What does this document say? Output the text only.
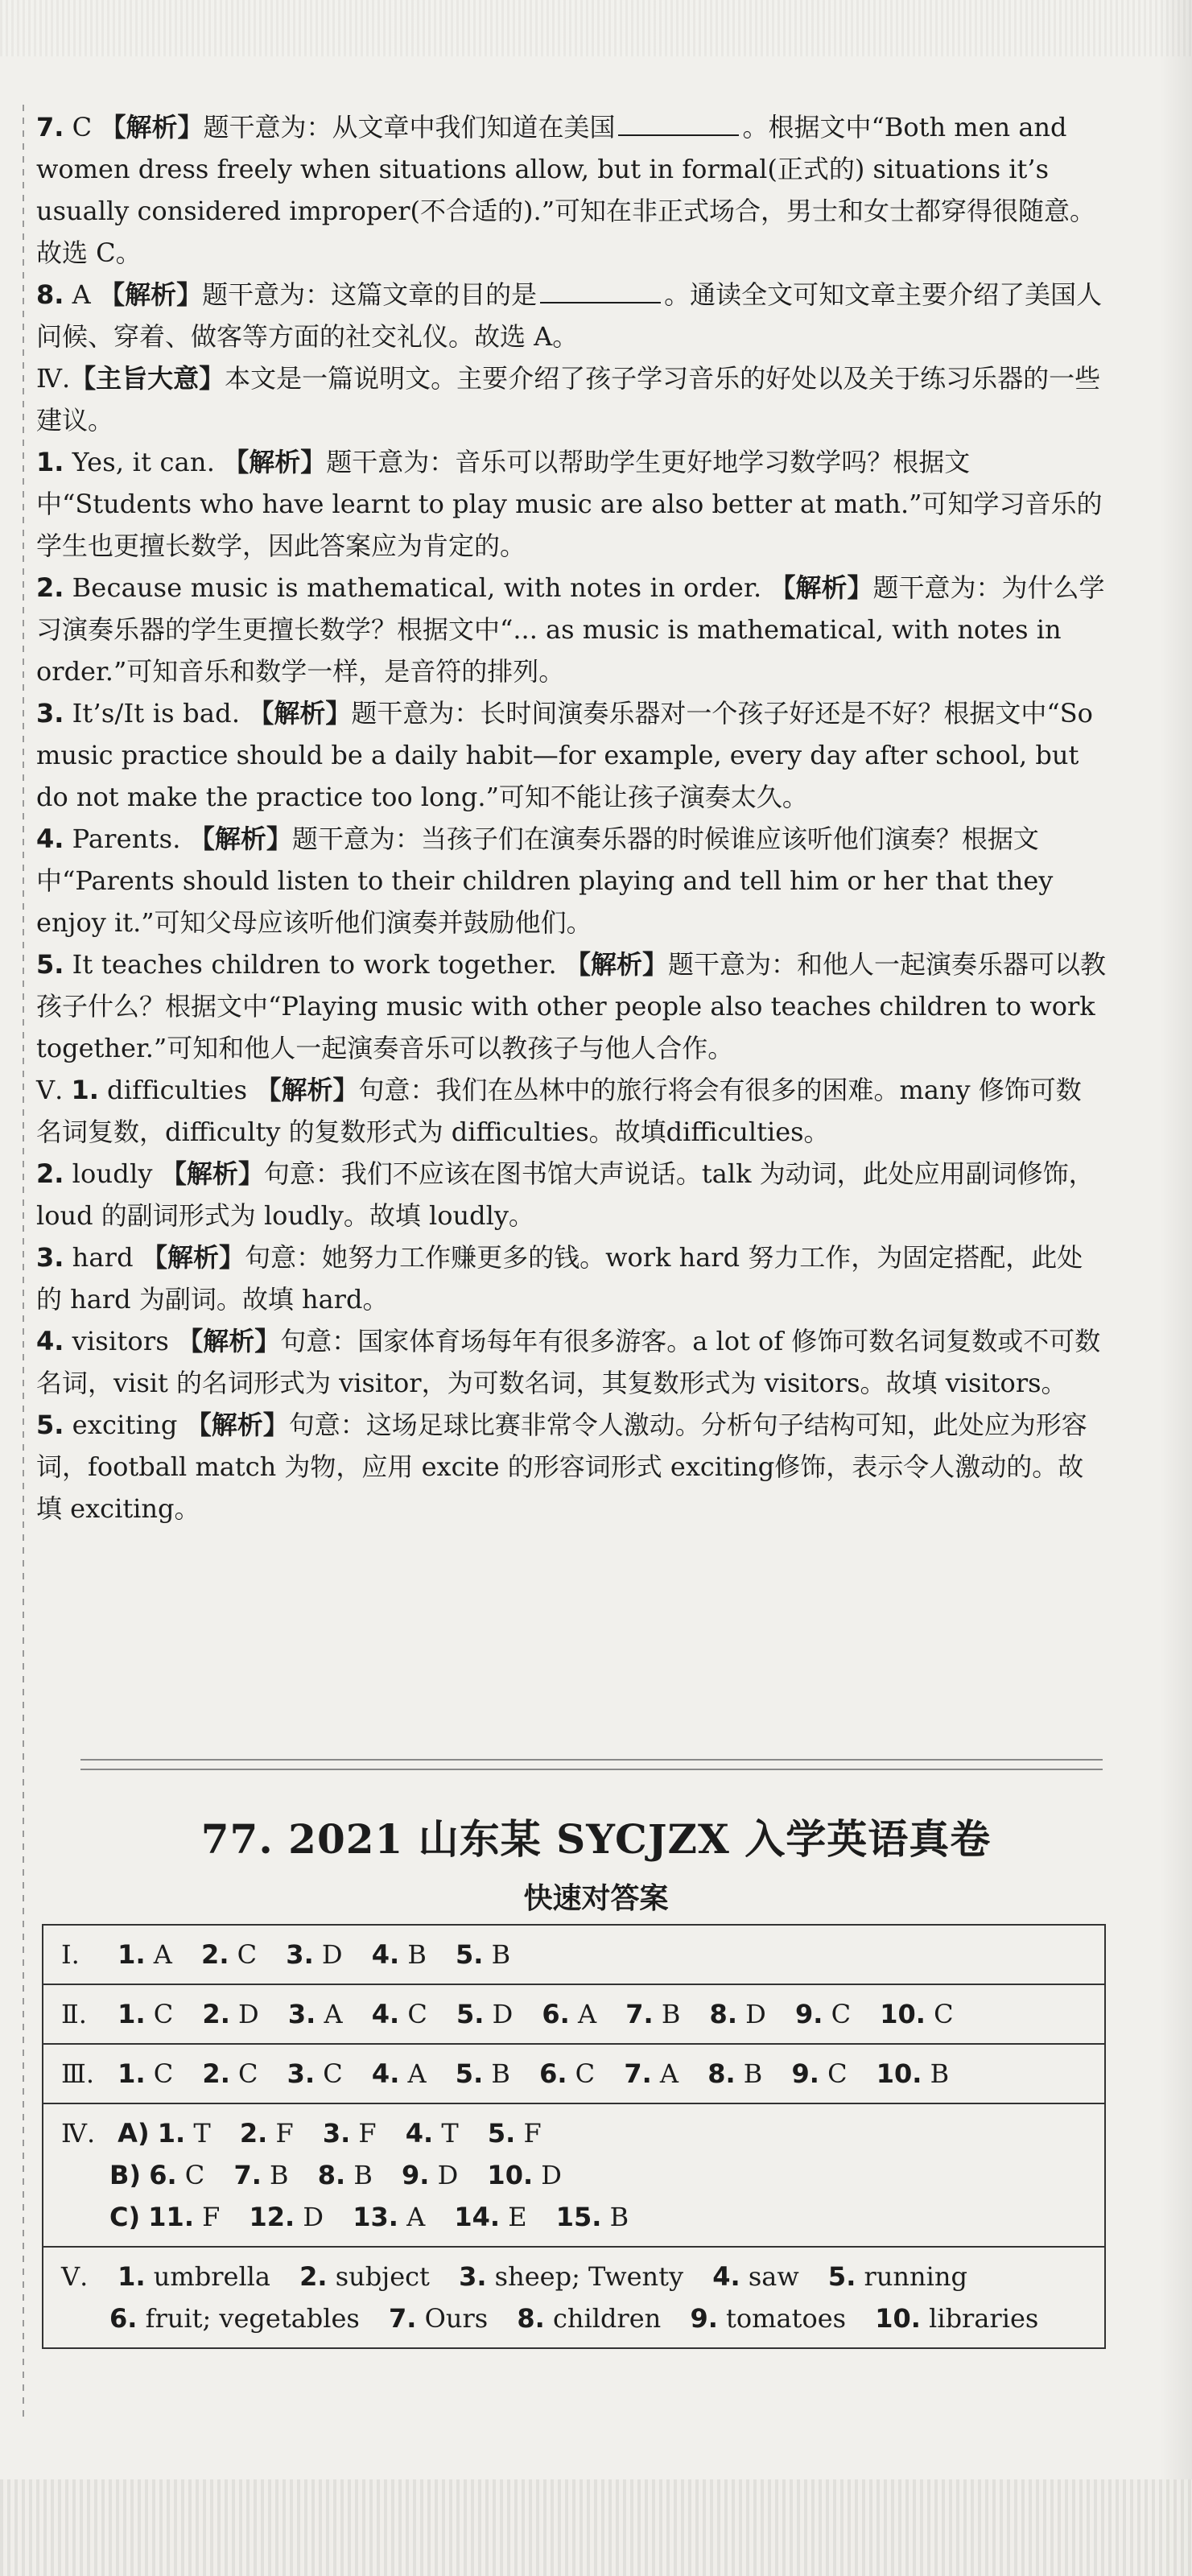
7. C 【解析】题干意为：从文章中我们知道在美国	。根据文中“Both men and women dress freely when situations allow, but in formal(正式的) situations it’s usually considered improper(不合适的).”可知在非正式场合，男士和女士都穿得很随意。故选 C。

8. A 【解析】题干意为：这篇文章的目的是	。通读全文可知文章主要介绍了美国人问候、穿着、做客等方面的社交礼仪。故选 A。

Ⅳ.【主旨大意】本文是一篇说明文。主要介绍了孩子学习音乐的好处以及关于练习乐器的一些建议。

1. Yes, it can. 【解析】题干意为：音乐可以帮助学生更好地学习数学吗？根据文中“Students who have learnt to play music are also better at math.”可知学习音乐的学生也更擅长数学，因此答案应为肯定的。

2. Because music is mathematical, with notes in order. 【解析】题干意为：为什么学习演奏乐器的学生更擅长数学？根据文中“... as music is mathematical, with notes in order.”可知音乐和数学一样，是音符的排列。

3. It’s/It is bad. 【解析】题干意为：长时间演奏乐器对一个孩子好还是不好？根据文中“So music practice should be a daily habit—for example, every day after school, but do not make the practice too long.”可知不能让孩子演奏太久。

4. Parents. 【解析】题干意为：当孩子们在演奏乐器的时候谁应该听他们演奏？根据文中“Parents should listen to their children playing and tell him or her that they enjoy it.”可知父母应该听他们演奏并鼓励他们。

5. It teaches children to work together. 【解析】题干意为：和他人一起演奏乐器可以教孩子什么？根据文中“Playing music with other people also teaches children to work together.”可知和他人一起演奏音乐可以教孩子与他人合作。

Ⅴ. 1. difficulties 【解析】句意：我们在丛林中的旅行将会有很多的困难。many 修饰可数名词复数，difficulty 的复数形式为 difficulties。故填difficulties。

2. loudly 【解析】句意：我们不应该在图书馆大声说话。talk 为动词，此处应用副词修饰，loud 的副词形式为 loudly。故填 loudly。

3. hard 【解析】句意：她努力工作赚更多的钱。work hard 努力工作，为固定搭配，此处的 hard 为副词。故填 hard。

4. visitors 【解析】句意：国家体育场每年有很多游客。a lot of 修饰可数名词复数或不可数名词，visit 的名词形式为 visitor，为可数名词，其复数形式为 visitors。故填 visitors。

5. exciting 【解析】句意：这场足球比赛非常令人激动。分析句子结构可知，此处应为形容词，football match 为物，应用 excite 的形容词形式 exciting修饰，表示令人激动的。故填 exciting。

77. 2021 山东某 SYCJZX 入学英语真卷
快速对答案
Ⅰ. 1. A 2. C 3. D 4. B 5. B
Ⅱ. 1. C 2. D 3. A 4. C 5. D 6. A 7. B 8. D 9. C 10. C
Ⅲ. 1. C 2. C 3. C 4. A 5. B 6. C 7. A 8. B 9. C 10. B
Ⅳ. A) 1. T 2. F 3. F 4. T 5. F
B) 6. C 7. B 8. B 9. D 10. D
C) 11. F 12. D 13. A 14. E 15. B
Ⅴ. 1. umbrella 2. subject 3. sheep; Twenty 4. saw 5. running
6. fruit; vegetables 7. Ours 8. children 9. tomatoes 10. libraries
